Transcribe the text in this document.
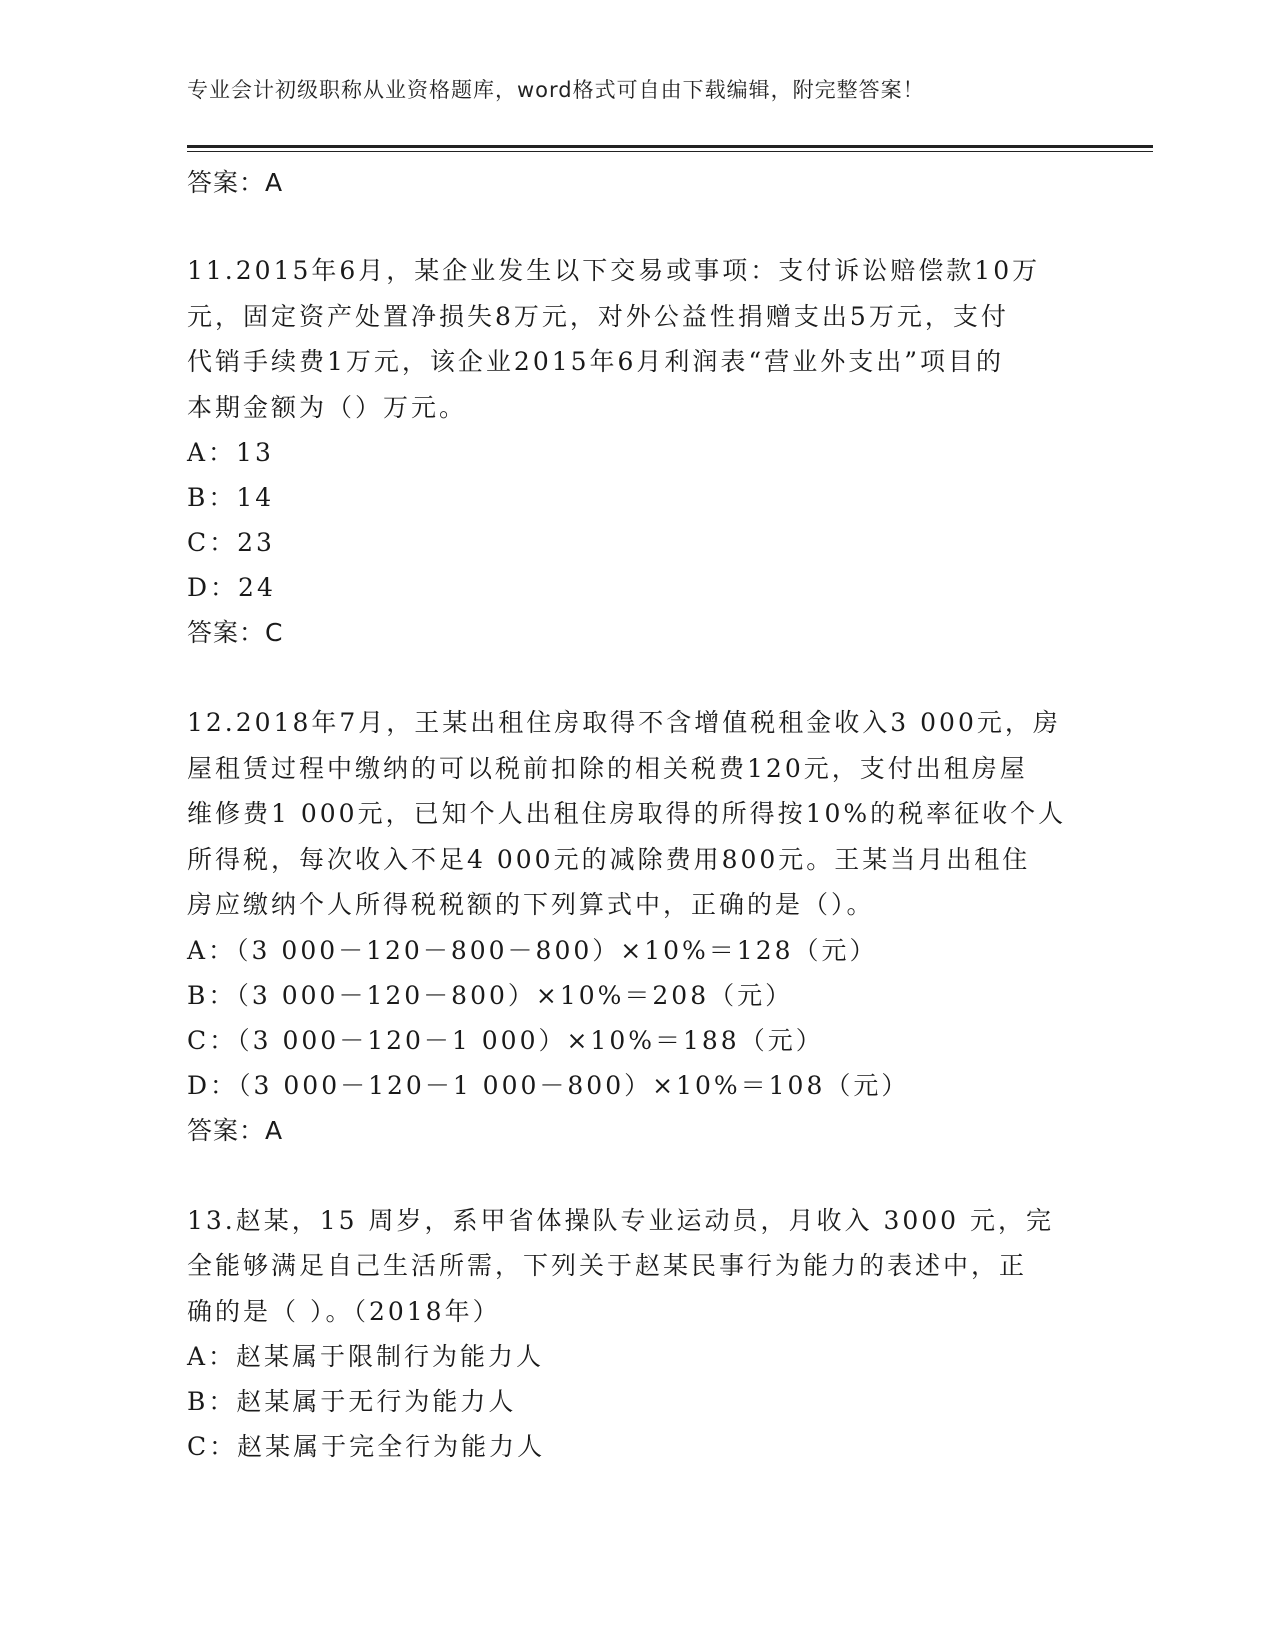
专业会计初级职称从业资格题库，word格式可自由下载编辑，附完整答案！
答案：A

11.2015年6月，某企业发生以下交易或事项：支付诉讼赔偿款10万
元，固定资产处置净损失8万元，对外公益性捐赠支出5万元，支付
代销手续费1万元，该企业2015年6月利润表“营业外支出”项目的
本期金额为（）万元。

A：13
B：14
C：23
D：24
答案：C

12.2018年7月，王某出租住房取得不含增值税租金收入3 000元，房
屋租赁过程中缴纳的可以税前扣除的相关税费120元，支付出租房屋
维修费1 000元，已知个人出租住房取得的所得按10%的税率征收个人
所得税，每次收入不足4 000元的减除费用800元。王某当月出租住
房应缴纳个人所得税税额的下列算式中，正确的是（）。

A：（3 000－120－800－800）×10%＝128（元）
B：（3 000－120－800）×10%＝208（元）
C：（3 000－120－1 000）×10%＝188（元）
D：（3 000－120－1 000－800）×10%＝108（元）
答案：A

13.赵某，15 周岁，系甲省体操队专业运动员，月收入 3000 元，完
全能够满足自己生活所需，下列关于赵某民事行为能力的表述中，正
确的是（ ）。（2018年）

A：赵某属于限制行为能力人
B：赵某属于无行为能力人
C：赵某属于完全行为能力人
